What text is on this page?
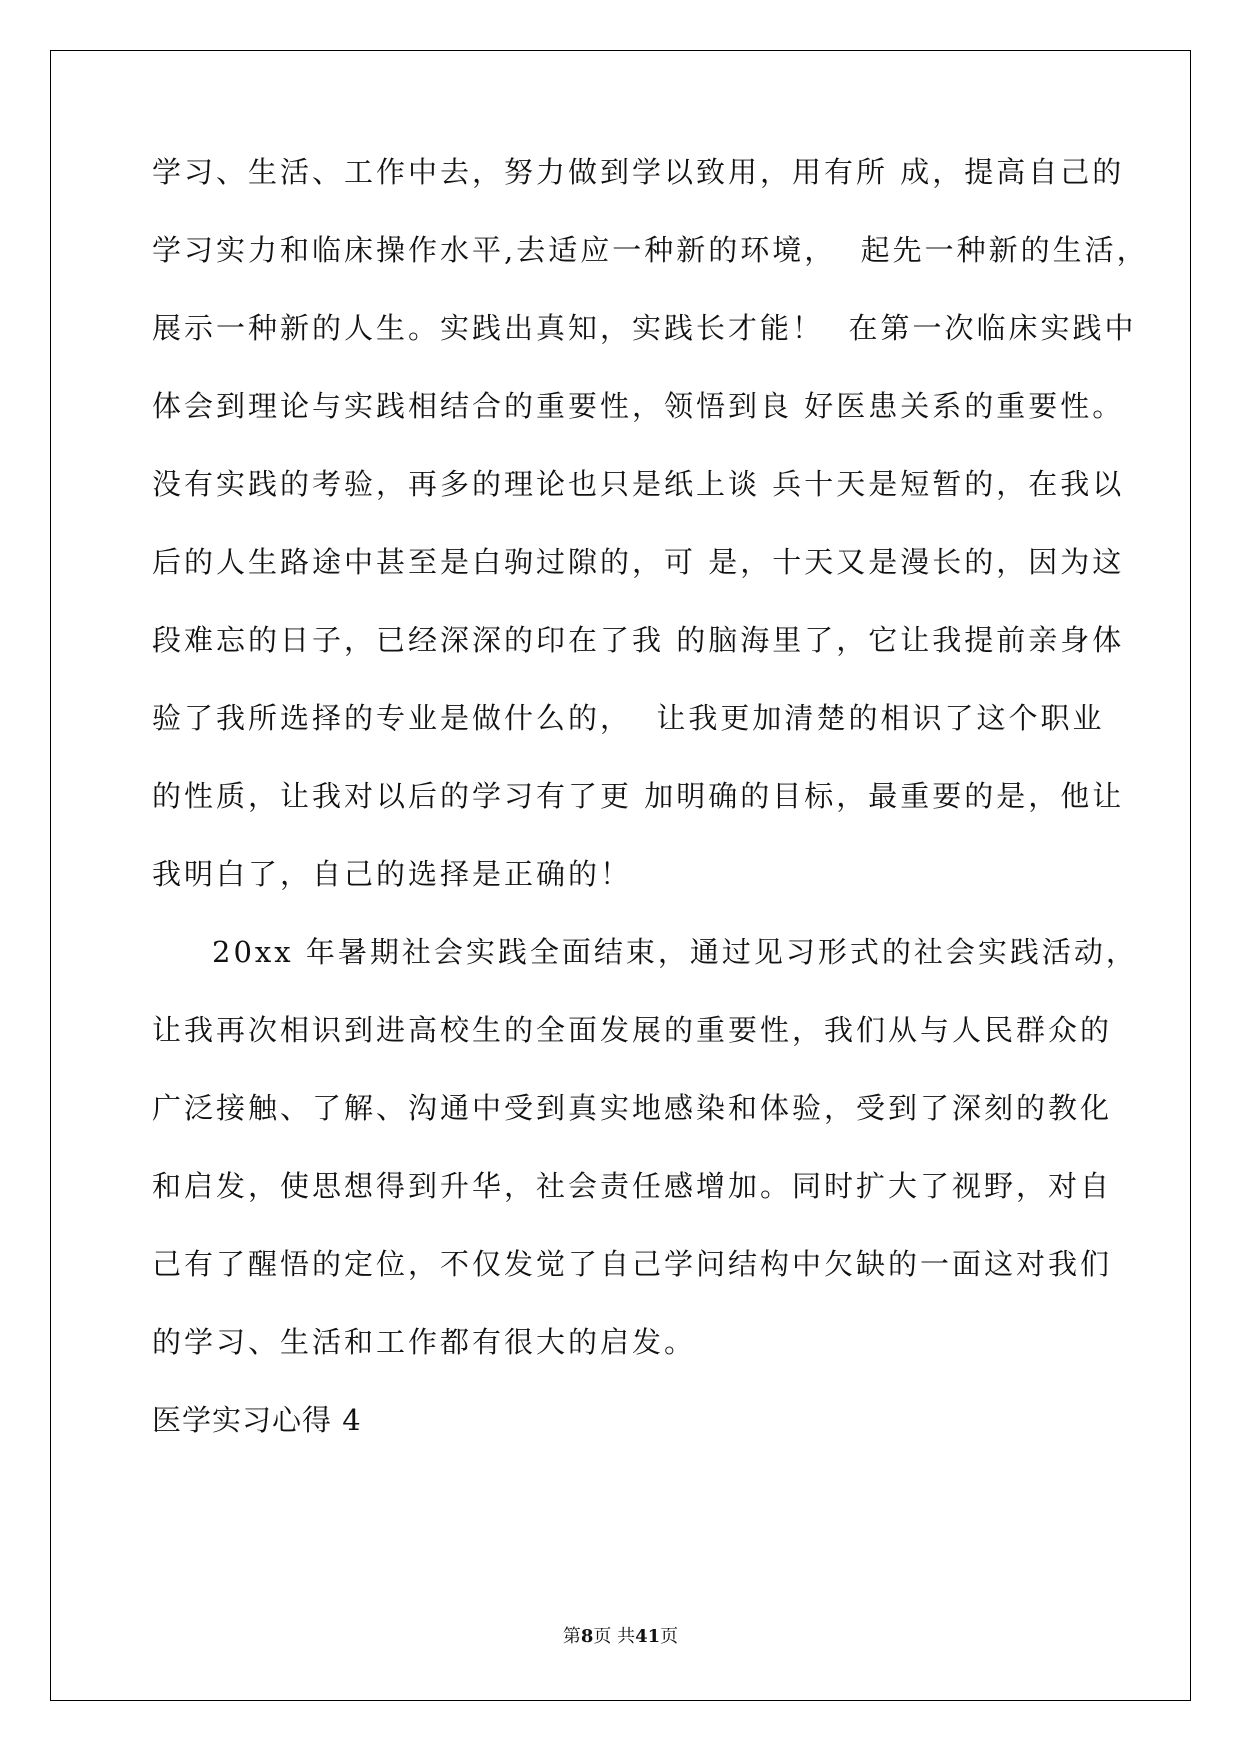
学习、生活、工作中去，努力做到学以致用，用有所 成，提高自己的
学习实力和临床操作水平,去适应一种新的环境，  起先一种新的生活，
展示一种新的人生。实践出真知，实践长才能！  在第一次临床实践中
体会到理论与实践相结合的重要性，领悟到良 好医患关系的重要性。
没有实践的考验，再多的理论也只是纸上谈 兵十天是短暂的，在我以
后的人生路途中甚至是白驹过隙的，可 是，十天又是漫长的，因为这
段难忘的日子，已经深深的印在了我 的脑海里了，它让我提前亲身体
验了我所选择的专业是做什么的，  让我更加清楚的相识了这个职业
的性质，让我对以后的学习有了更 加明确的目标，最重要的是，他让
我明白了，自己的选择是正确的！
20xx 年暑期社会实践全面结束，通过见习形式的社会实践活动，
让我再次相识到进高校生的全面发展的重要性，我们从与人民群众的
广泛接触、了解、沟通中受到真实地感染和体验，受到了深刻的教化
和启发，使思想得到升华，社会责任感增加。同时扩大了视野，对自
己有了醒悟的定位，不仅发觉了自己学问结构中欠缺的一面这对我们
的学习、生活和工作都有很大的启发。
医学实习心得 4
第8页 共41页
